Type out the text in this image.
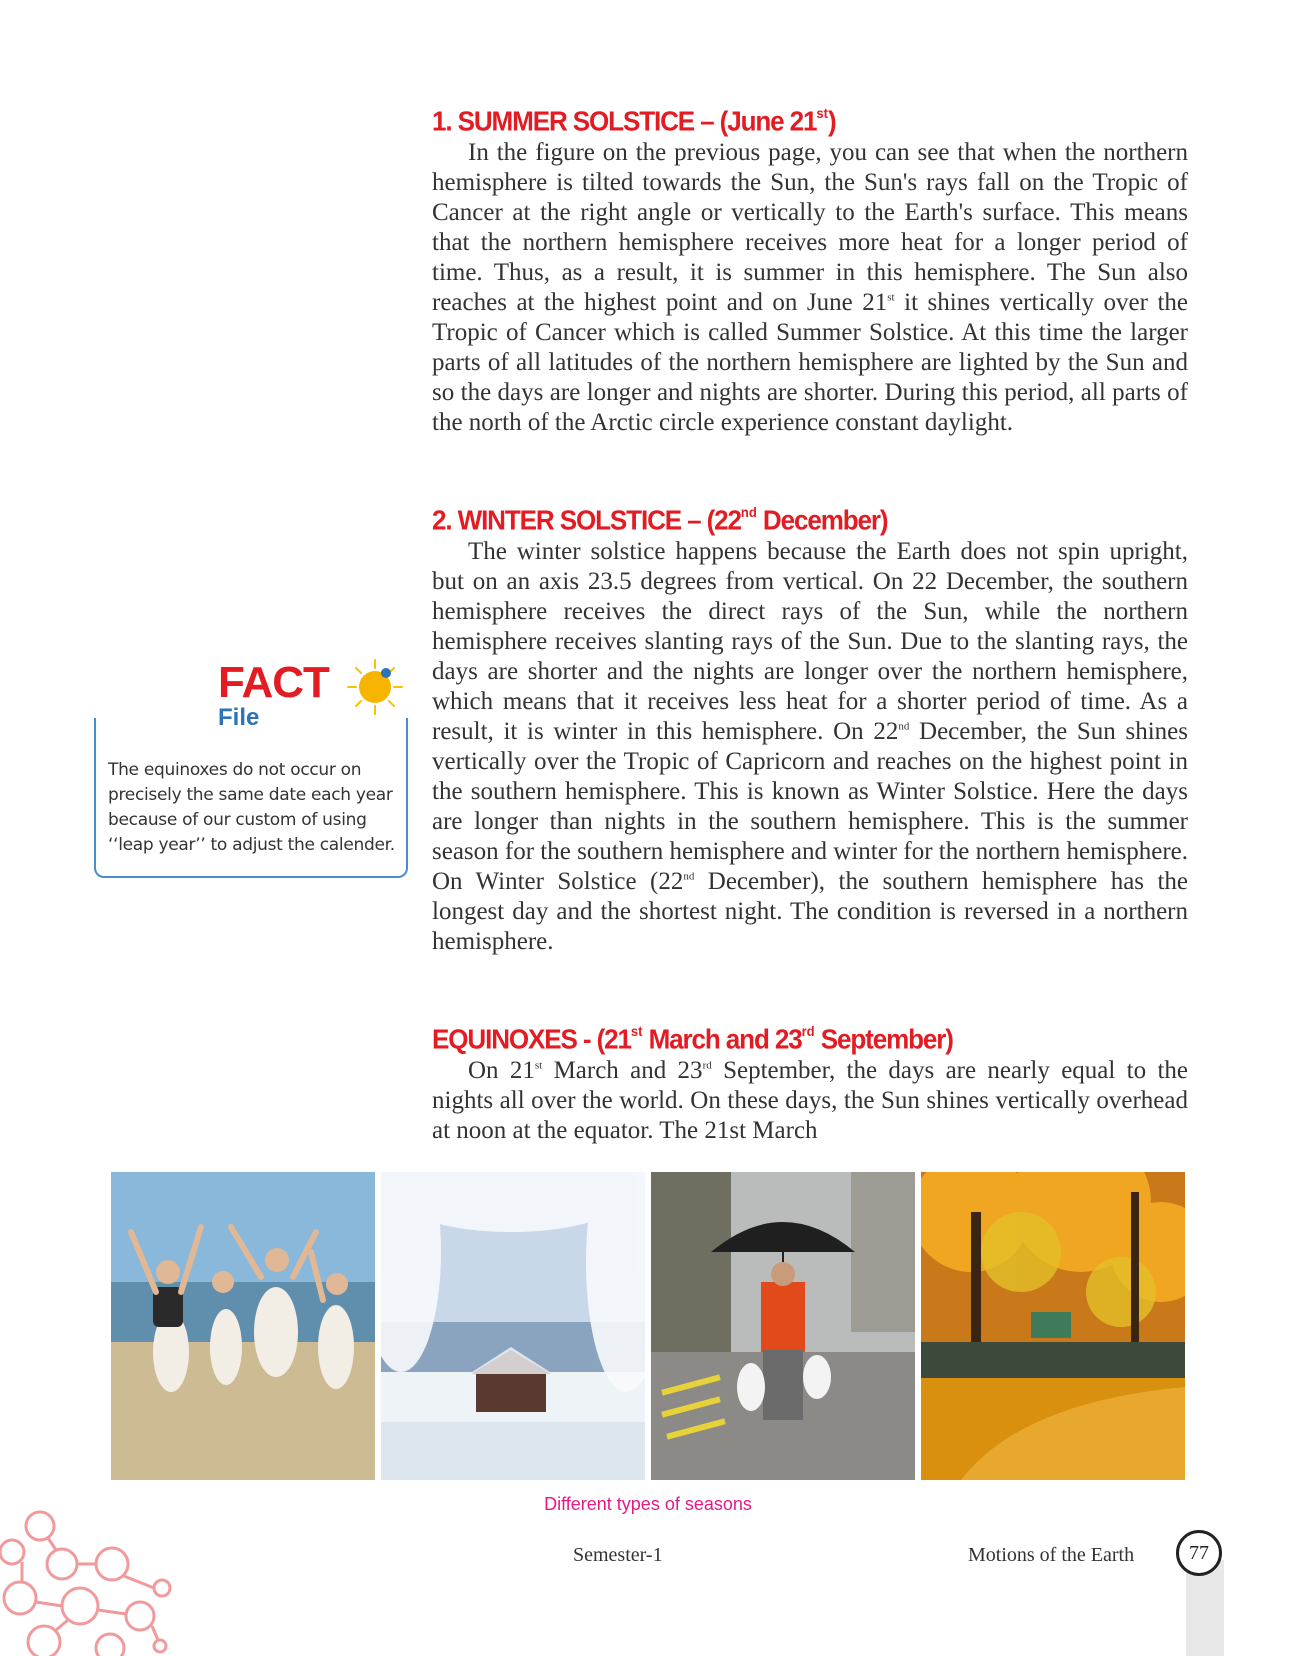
1. SUMMER SOLSTICE – (June 21st)

In the figure on the previous page, you can see that when the northern hemisphere is tilted towards the Sun, the Sun's rays fall on the Tropic of Cancer at the right angle or vertically to the Earth's surface. This means that the northern hemisphere receives more heat for a longer period of time. Thus, as a result, it is summer in this hemisphere. The Sun also reaches at the highest point and on June 21st it shines vertically over the Tropic of Cancer which is called Summer Solstice. At this time the larger parts of all latitudes of the northern hemisphere are lighted by the Sun and so the days are longer and nights are shorter. During this period, all parts of the north of the Arctic circle experience constant daylight.

2. WINTER SOLSTICE – (22nd December)

The winter solstice happens because the Earth does not spin upright, but on an axis 23.5 degrees from vertical. On 22 December, the southern hemisphere receives the direct rays of the Sun, while the northern hemisphere receives slanting rays of the Sun. Due to the slanting rays, the days are shorter and the nights are longer over the northern hemisphere, which means that it receives less heat for a shorter period of time. As a result, it is winter in this hemisphere. On 22nd December, the Sun shines vertically over the Tropic of Capricorn and reaches on the highest point in the southern hemisphere. This is known as Winter Solstice. Here the days are longer than nights in the southern hemisphere. This is the summer season for the southern hemisphere and winter for the northern hemisphere. On Winter Solstice (22nd December), the southern hemisphere has the longest day and the shortest night. The condition is reversed in a northern hemisphere.

EQUINOXES - (21st March and 23rd September)

On 21st March and 23rd September, the days are nearly equal to the nights all over the world. On these days, the Sun shines vertically overhead at noon at the equator. The 21st March

FACT
File
The equinoxes do not occur on precisely the same date each year because of our custom of using ‘‘leap year’’ to adjust the calender.
Different types of seasons
Semester-1	Motions of the Earth	77
